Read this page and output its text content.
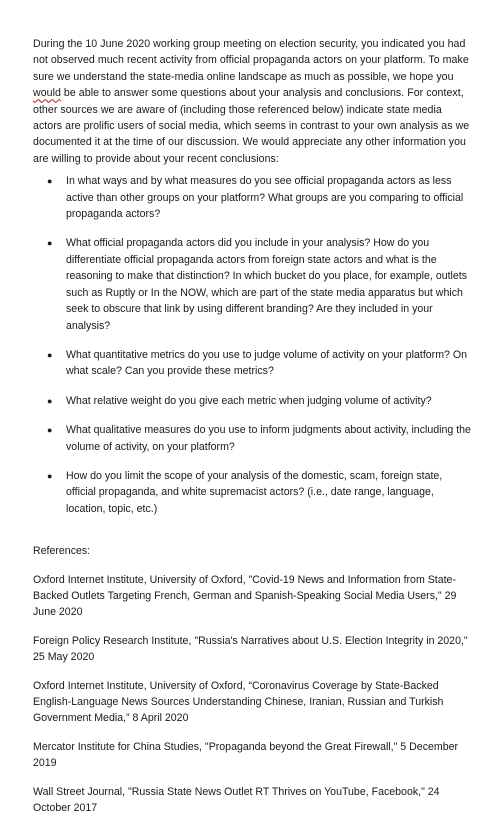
During the 10 June 2020 working group meeting on election security, you indicated you had not observed much recent activity from official propaganda actors on your platform. To make sure we understand the state-media online landscape as much as possible, we hope you would be able to answer some questions about your analysis and conclusions. For context, other sources we are aware of (including those referenced below) indicate state media actors are prolific users of social media, which seems in contrast to your own analysis as we documented it at the time of our discussion. We would appreciate any other information you are willing to provide about your recent conclusions:

● In what ways and by what measures do you see official propaganda actors as less active than other groups on your platform? What groups are you comparing to official propaganda actors?
● What official propaganda actors did you include in your analysis? How do you differentiate official propaganda actors from foreign state actors and what is the reasoning to make that distinction? In which bucket do you place, for example, outlets such as Ruptly or In the NOW, which are part of the state media apparatus but which seek to obscure that link by using different branding? Are they included in your analysis?
● What quantitative metrics do you use to judge volume of activity on your platform? On what scale? Can you provide these metrics?
● What relative weight do you give each metric when judging volume of activity?
● What qualitative measures do you use to inform judgments about activity, including the volume of activity, on your platform?
● How do you limit the scope of your analysis of the domestic, scam, foreign state, official propaganda, and white supremacist actors? (i.e., date range, language, location, topic, etc.)

References:

Oxford Internet Institute, University of Oxford, "Covid-19 News and Information from State-Backed Outlets Targeting French, German and Spanish-Speaking Social Media Users," 29 June 2020

Foreign Policy Research Institute, "Russia's Narratives about U.S. Election Integrity in 2020," 25 May 2020

Oxford Internet Institute, University of Oxford, “Coronavirus Coverage by State-Backed English-Language News Sources Understanding Chinese, Iranian, Russian and Turkish Government Media,” 8 April 2020

Mercator Institute for China Studies, "Propaganda beyond the Great Firewall," 5 December 2019

Wall Street Journal, "Russia State News Outlet RT Thrives on YouTube, Facebook," 24 October 2017
